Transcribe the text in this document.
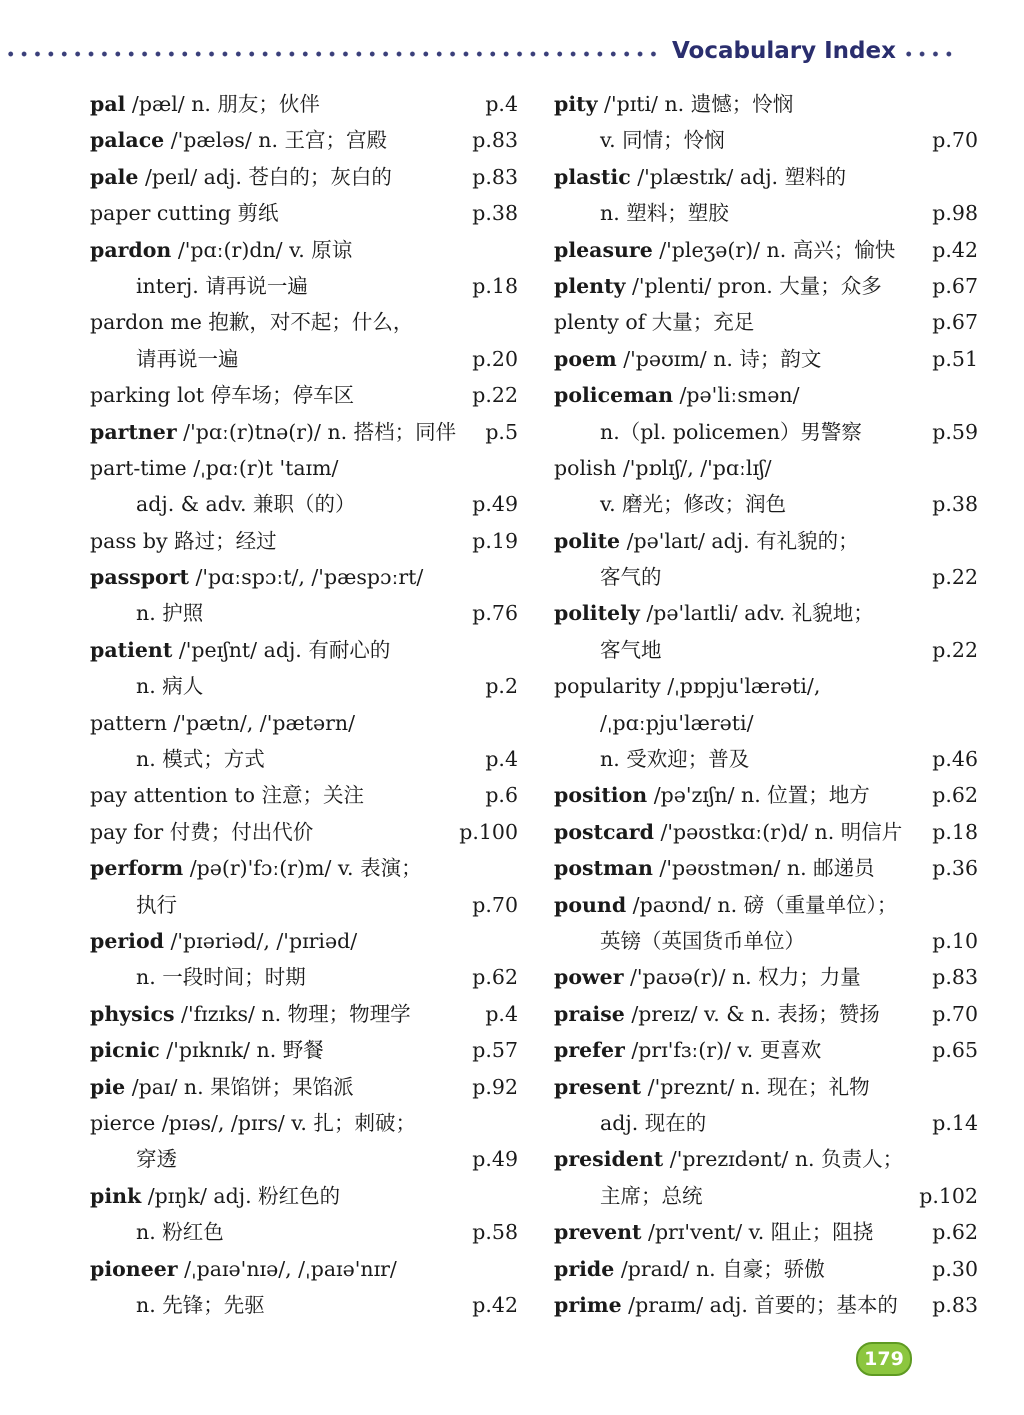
Vocabulary Index
pal /pæl/ n. 朋友；伙伴	p.4
palace /'pæləs/ n. 王宫；宫殿	p.83
pale /peɪl/ adj. 苍白的；灰白的	p.83
paper cutting 剪纸	p.38
pardon /'pɑː(r)dn/ v. 原谅
interj. 请再说一遍	p.18
pardon me 抱歉，对不起；什么，
请再说一遍	p.20
parking lot 停车场；停车区	p.22
partner /'pɑː(r)tnə(r)/ n. 搭档；同伴 p.5
part-time /ˌpɑː(r)t 'taɪm/
adj. & adv. 兼职（的）	p.49
pass by 路过；经过	p.19
passport /'pɑːspɔːt/, /'pæspɔːrt/
n. 护照	p.76
patient /'peɪʃnt/ adj. 有耐心的
n. 病人	p.2
pattern /'pætn/, /'pætərn/
n. 模式；方式	p.4
pay attention to 注意；关注	p.6
pay for 付费；付出代价	p.100
perform /pə(r)'fɔː(r)m/ v. 表演；
执行	p.70
period /'pɪəriəd/, /'pɪriəd/
n. 一段时间；时期	p.62
physics /'fɪzɪks/ n. 物理；物理学	p.4
picnic /'pɪknɪk/ n. 野餐	p.57
pie /paɪ/ n. 果馅饼；果馅派	p.92
pierce /pɪəs/, /pɪrs/ v. 扎；刺破；
穿透	p.49
pink /pɪŋk/ adj. 粉红色的
n. 粉红色	p.58
pioneer /ˌpaɪə'nɪə/, /ˌpaɪə'nɪr/
n. 先锋；先驱	p.42
pity /'pɪti/ n. 遗憾；怜悯
v. 同情；怜悯	p.70
plastic /'plæstɪk/ adj. 塑料的
n. 塑料；塑胶	p.98
pleasure /'pleʒə(r)/ n. 高兴；愉快 p.42
plenty /'plenti/ pron. 大量；众多 p.67
plenty of 大量；充足	p.67
poem /'pəʊɪm/ n. 诗；韵文	p.51
policeman /pə'liːsmən/
n.（pl. policemen）男警察	p.59
polish /'pɒlɪʃ/, /'pɑːlɪʃ/
v. 磨光；修改；润色	p.38
polite /pə'laɪt/ adj. 有礼貌的；
客气的	p.22
politely /pə'laɪtli/ adv. 礼貌地；
客气地	p.22
popularity /ˌpɒpju'lærəti/,
/ˌpɑːpju'lærəti/
n. 受欢迎；普及	p.46
position /pə'zɪʃn/ n. 位置；地方	p.62
postcard /'pəʊstkɑː(r)d/ n. 明信片 p.18
postman /'pəʊstmən/ n. 邮递员	p.36
pound /paʊnd/ n. 磅（重量单位）；
英镑（英国货币单位）	p.10
power /'paʊə(r)/ n. 权力；力量	p.83
praise /preɪz/ v. & n. 表扬；赞扬	p.70
prefer /prɪ'fɜː(r)/ v. 更喜欢	p.65
present /'preznt/ n. 现在；礼物
adj. 现在的	p.14
president /'prezɪdənt/ n. 负责人；
主席；总统	p.102
prevent /prɪ'vent/ v. 阻止；阻挠	p.62
pride /praɪd/ n. 自豪；骄傲	p.30
prime /praɪm/ adj. 首要的；基本的 p.83
179
